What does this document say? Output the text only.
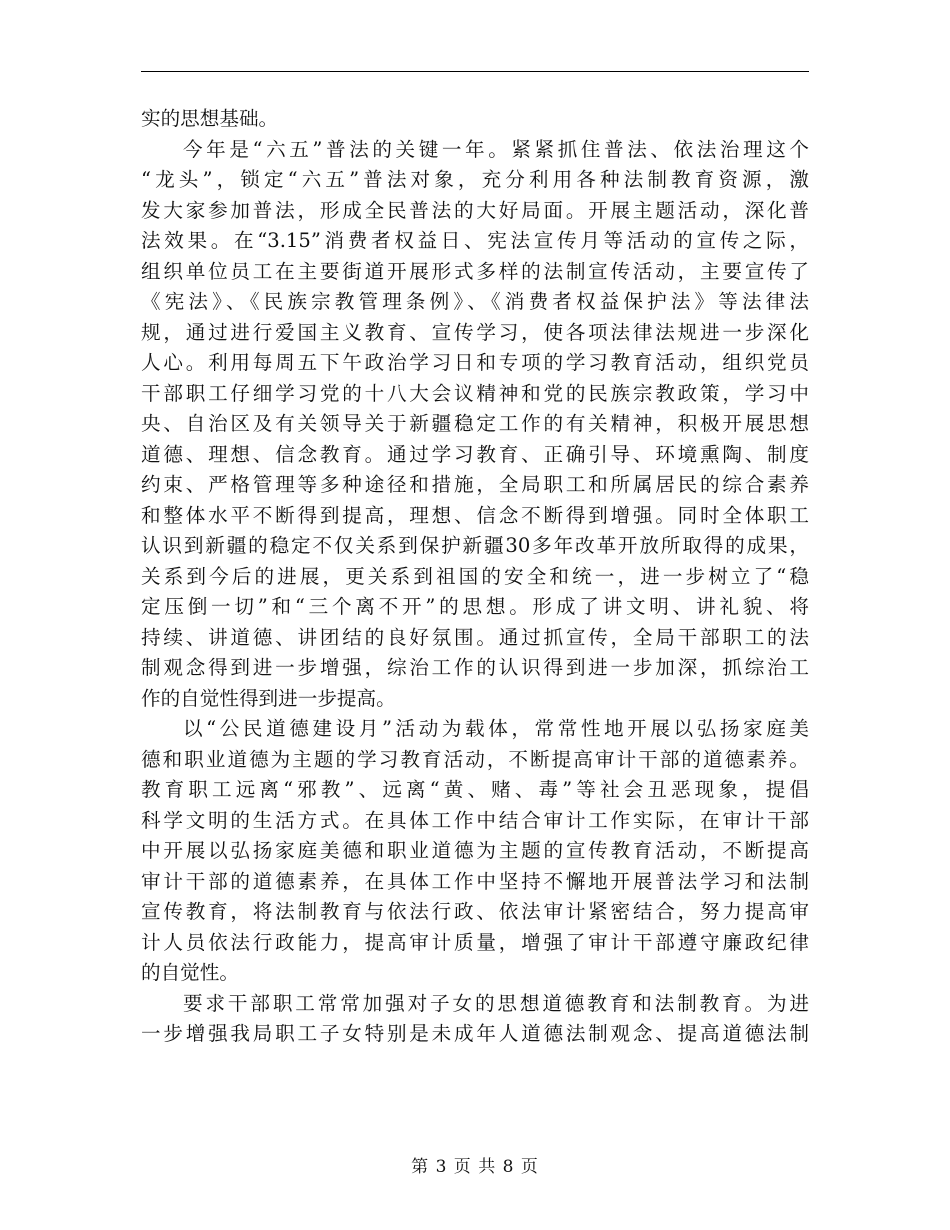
实的思想基础。
今年是“六五”普法的关键一年。紧紧抓住普法、依法治理这个
“龙头”，锁定“六五”普法对象，充分利用各种法制教育资源，激
发大家参加普法，形成全民普法的大好局面。开展主题活动，深化普
法效果。在“3.15”消费者权益日、宪法宣传月等活动的宣传之际，
组织单位员工在主要街道开展形式多样的法制宣传活动，主要宣传了
《宪法》、《民族宗教管理条例》、《消费者权益保护法》等法律法
规，通过进行爱国主义教育、宣传学习，使各项法律法规进一步深化
人心。利用每周五下午政治学习日和专项的学习教育活动，组织党员
干部职工仔细学习党的十八大会议精神和党的民族宗教政策，学习中
央、自治区及有关领导关于新疆稳定工作的有关精神，积极开展思想
道德、理想、信念教育。通过学习教育、正确引导、环境熏陶、制度
约束、严格管理等多种途径和措施，全局职工和所属居民的综合素养
和整体水平不断得到提高，理想、信念不断得到增强。同时全体职工
认识到新疆的稳定不仅关系到保护新疆30多年改革开放所取得的成果，
关系到今后的进展，更关系到祖国的安全和统一，进一步树立了“稳
定压倒一切”和“三个离不开”的思想。形成了讲文明、讲礼貌、将
持续、讲道德、讲团结的良好氛围。通过抓宣传，全局干部职工的法
制观念得到进一步增强，综治工作的认识得到进一步加深，抓综治工
作的自觉性得到进一步提高。
以“公民道德建设月”活动为载体，常常性地开展以弘扬家庭美
德和职业道德为主题的学习教育活动，不断提高审计干部的道德素养。
教育职工远离“邪教”、远离“黄、赌、毒”等社会丑恶现象，提倡
科学文明的生活方式。在具体工作中结合审计工作实际，在审计干部
中开展以弘扬家庭美德和职业道德为主题的宣传教育活动，不断提高
审计干部的道德素养，在具体工作中坚持不懈地开展普法学习和法制
宣传教育，将法制教育与依法行政、依法审计紧密结合，努力提高审
计人员依法行政能力，提高审计质量，增强了审计干部遵守廉政纪律
的自觉性。
要求干部职工常常加强对子女的思想道德教育和法制教育。为进
一步增强我局职工子女特别是未成年人道德法制观念、提高道德法制
第 3 页 共 8 页
